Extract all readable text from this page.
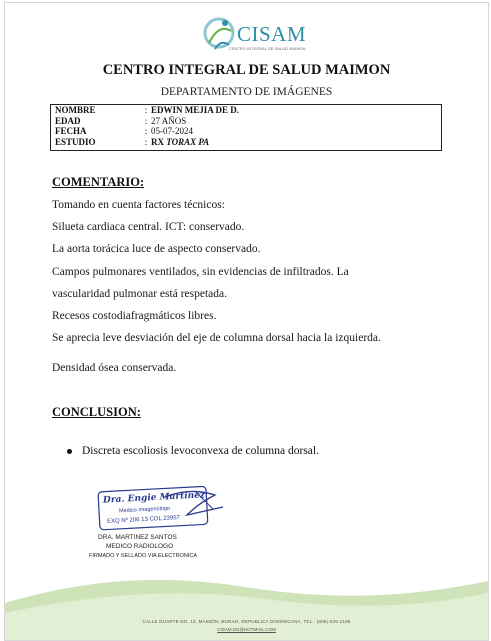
CISAM
CENTRO INTEGRAL DE SALUD MAIMON
CENTRO INTEGRAL DE SALUD MAIMON
DEPARTAMENTO DE IMÁGENES
NOMBRE	: EDWIN MEJIA DE D.
EDAD	: 27 AÑOS
FECHA	: 05-07-2024
ESTUDIO	: RX TORAX PA
COMENTARIO:
Tomando en cuenta factores técnicos:
Silueta cardiaca central. ICT: conservado.
La aorta torácica luce de aspecto conservado.
Campos pulmonares ventilados, sin evidencias de infiltrados. La
vascularidad pulmonar está respetada.
Recesos costodiafragmáticos libres.
Se aprecia leve desviación del eje de columna dorsal hacia la izquierda.
Densidad ósea conservada.
CONCLUSION:
Discreta escoliosis levoconvexa de columna dorsal.
Dra. Engie Martinez
Medico Imagenólogo
EXQ Nº 206 13 COL 23957
DRA. MARTINEZ SANTOS
MEDICO RADIOLOGO
FIRMADO Y SELLADO VIA ELECTRONICA
CALLE DUARTE NO. 13, MAIMÓN, BONAO, REPUBLICA DOMINICANA, TEL.: (809)-525-2186
CISAM.DG@HOTMAIL.COM
